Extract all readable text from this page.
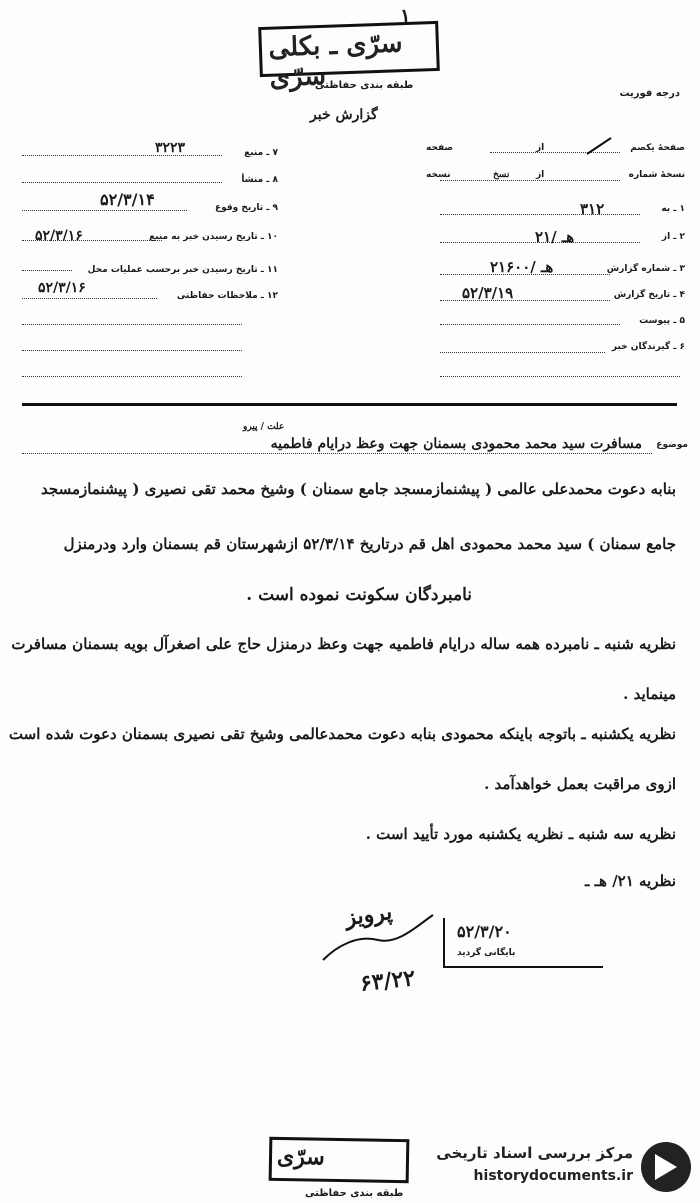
۱
سرّی ـ بکلی سرّی
طبقه بندی حفاظتی
درجه فوریت
گزارش خبر
صفحهٔ یکصم
از
صفحه
نسخهٔ شماره
از
نسخ
نسخه
۱ ـ به
۳۱۲
۲ ـ از
۲۱/ هـ
۳ ـ شماره گزارش
۲۱۶۰۰/ هـ
۴ ـ تاریخ گزارش
۵۲/۳/۱۹
۵ ـ پیوست
۶ ـ گیرندگان خبر
۷ ـ منبع
۳۲۲۳
۸ ـ منشأ
۹ ـ تاریخ وقوع
۵۲/۳/۱۴
۱۰ ـ تاریخ رسیدن خبر به منبع
۵۲/۳/۱۶
۱۱ ـ تاریخ رسیدن خبر بر‌حسب عملیات محل
۱۲ ـ ملاحظات حفاظتی
۵۲/۳/۱۶
موضوع
مسافرت سید محمد محمودی بسمنان جهت وعظ درایام فاطمیه
علت / پیرو
بنابه دعوت محمدعلی عالمی ( پیشنمازمسجد جامع سمنان ) وشیخ محمد تقی نصیری ( پیشنمازمسجد
جامع سمنان ) سید محمد محمودی اهل قم درتاریخ ۵۲/۳/۱۴ ازشهرستان قم بسمنان وارد ودرمنزل
نامبردگان سکونت نموده است .
نظریه شنبه ـ نامبرده همه ساله درایام فاطمیه جهت وعظ درمنزل حاج علی اصغرآل بویه بسمنان مسافرت
مینماید .
نظریه یکشنبه ـ باتوجه باینکه محمودی بنابه دعوت محمدعالمی وشیخ تقی نصیری بسمنان دعوت شده است
ازوی مراقبت بعمل خواهدآمد .
نظریه سه شنبه ـ نظریه یکشنبه مورد تأیید است .
نظریه ۲۱/ هـ ـ
پرویز
۶۳/۲۲
۵۲/۳/۲۰
بایگانی گردید
سرّی
طبقه بندی حفاظتی
مرکز بررسی اسناد تاریخی
historydocuments.ir
